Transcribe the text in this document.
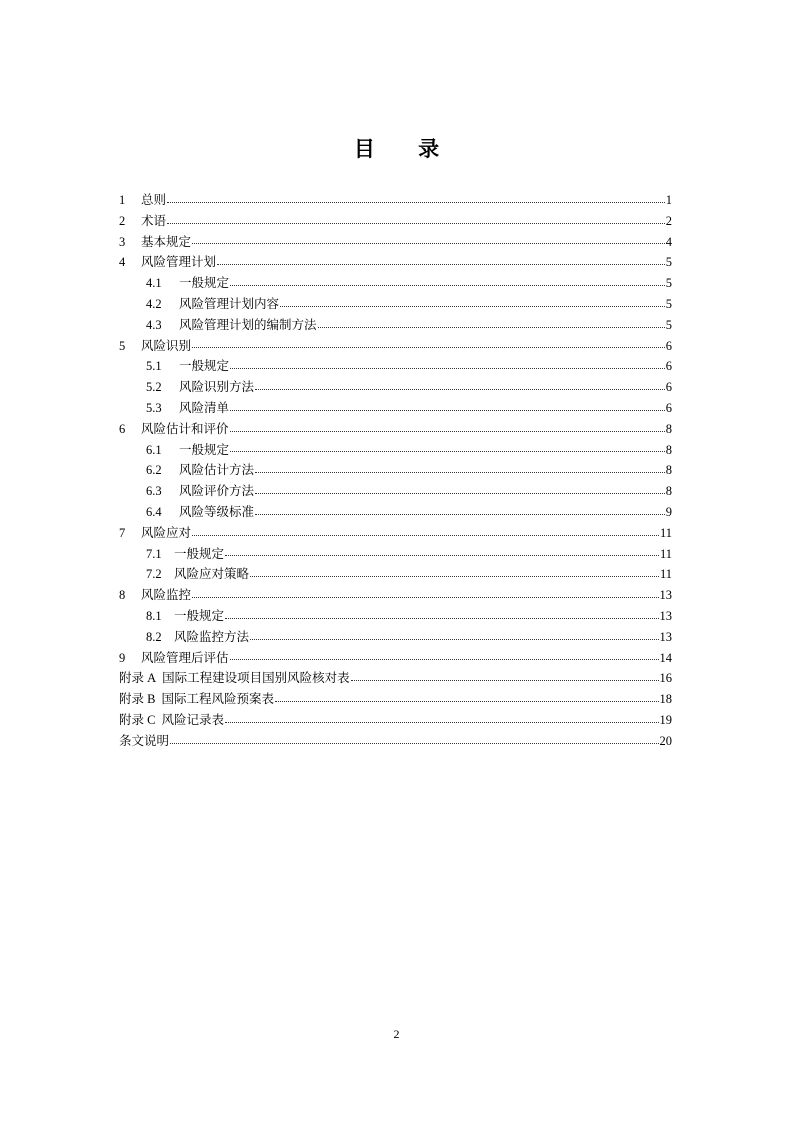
目 录
1	总则	1
2	术语	2
3	基本规定	4
4	风险管理计划	5
4.1	一般规定	5
4.2	风险管理计划内容	5
4.3	风险管理计划的编制方法	5
5	风险识别	6
5.1	一般规定	6
5.2	风险识别方法	6
5.3	风险清单	6
6	风险估计和评价	8
6.1	一般规定	8
6.2	风险估计方法	8
6.3	风险评价方法	8
6.4	风险等级标准	9
7	风险应对	11
7.1 一般规定	11
7.2 风险应对策略	11
8	风险监控	13
8.1 一般规定	13
8.2 风险监控方法	13
9	风险管理后评估	14
附录 A 国际工程建设项目国别风险核对表	16
附录 B 国际工程风险预案表	18
附录 C 风险记录表	19
条文说明	20
2
